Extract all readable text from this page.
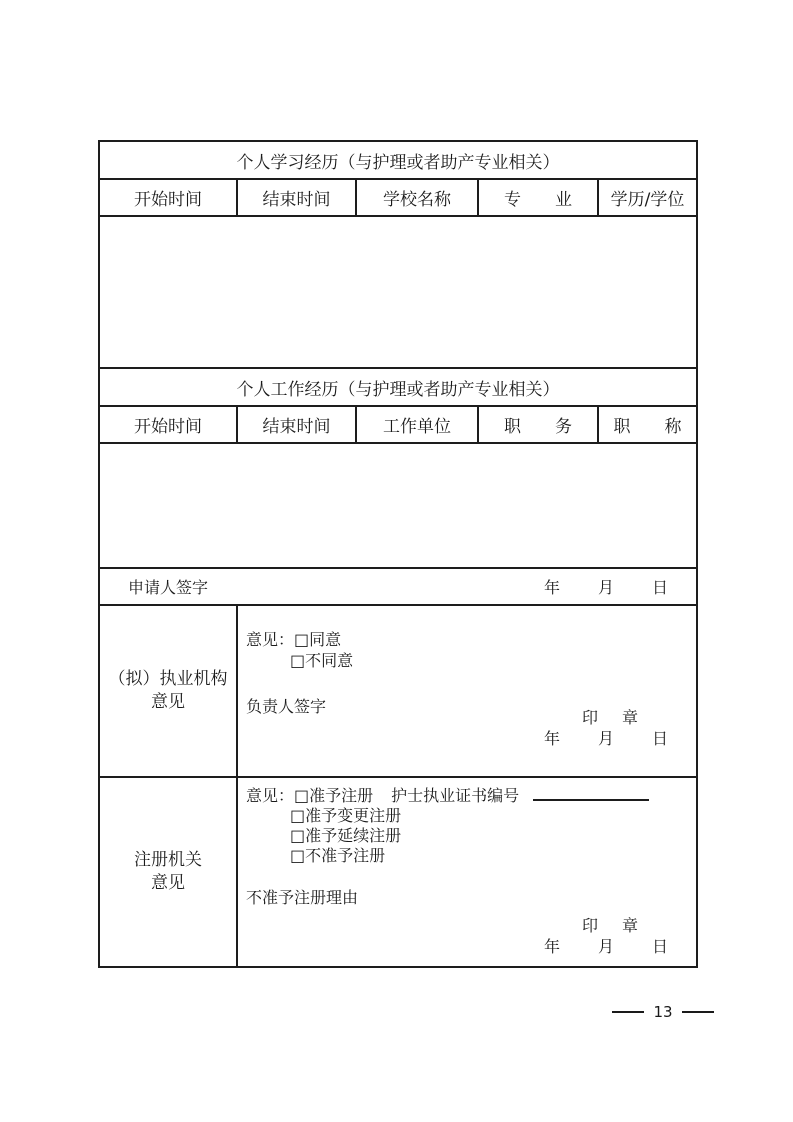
个人学习经历（与护理或者助产专业相关）				
开始时间	结束时间	学校名称	专　　业	学历/学位

个人工作经历（与护理或者助产专业相关）				
开始时间	结束时间	工作单位	职　　务	职　　称

申请人签字 年　　月　　日				

（拟）执业机构
意见

意见：□同意
□不同意
负责人签字
印　章
年　　月　　日

注册机关
意见

意见：□准予注册 护士执业证书编号
□准予变更注册
□准予延续注册
□不准予注册
不准予注册理由
印　章
年　　月　　日
13
